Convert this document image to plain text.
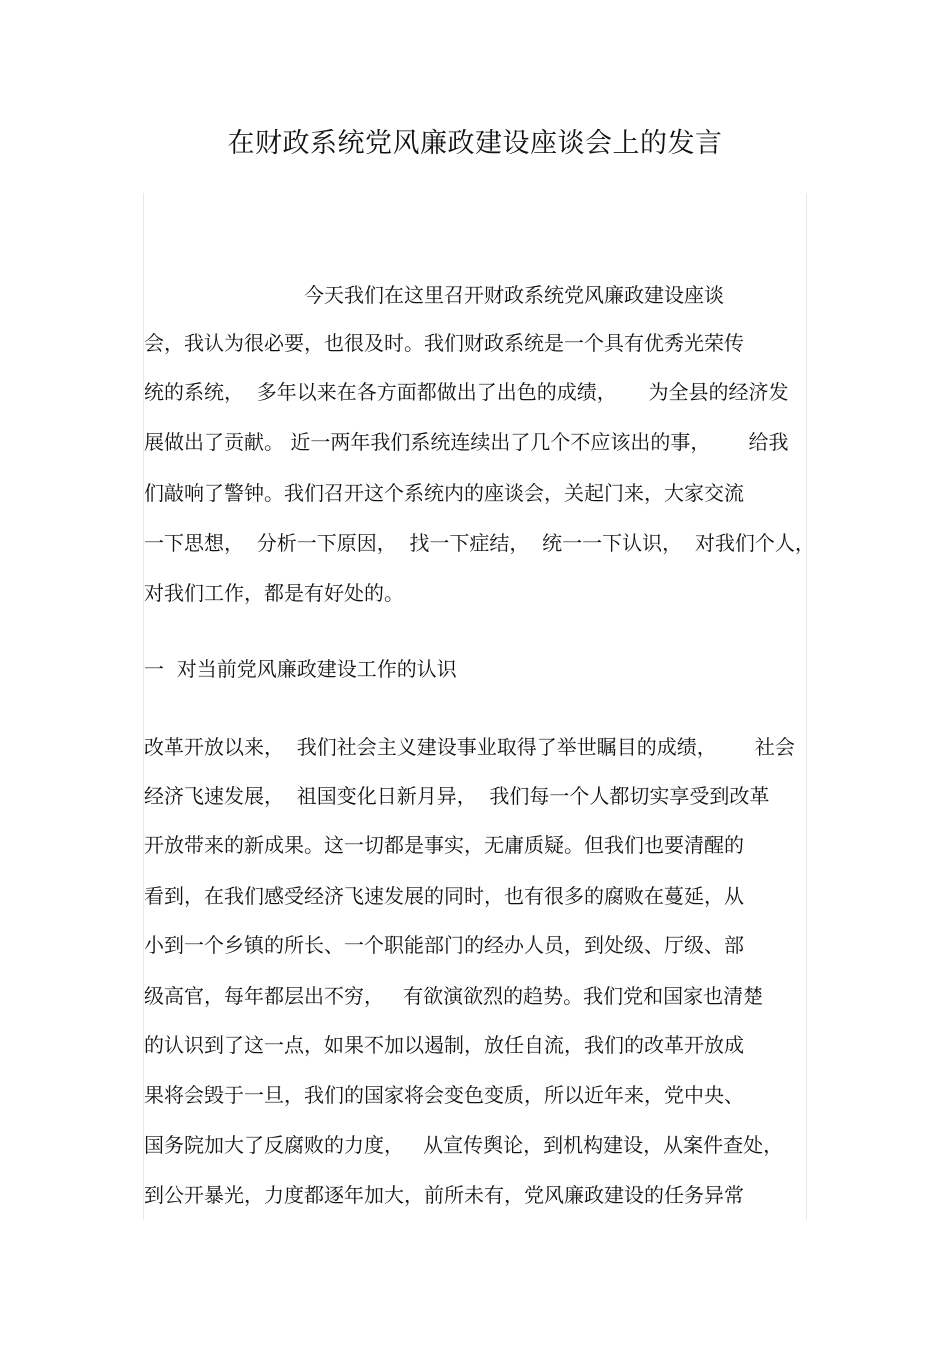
在财政系统党风廉政建设座谈会上的发言

　　　　　　　　今天我们在这里召开财政系统党风廉政建设座谈

会，我认为很必要，也很及时。我们财政系统是一个具有优秀光荣传

统的系统，  多年以来在各方面都做出了出色的成绩，     为全县的经济发

展做出了贡献。 近一两年我们系统连续出了几个不应该出的事，      给我

们敲响了警钟。我们召开这个系统内的座谈会，关起门来，大家交流

一下思想，  分析一下原因，  找一下症结，  统一一下认识，  对我们个人，

对我们工作，都是有好处的。

一  对当前党风廉政建设工作的认识

改革开放以来，  我们社会主义建设事业取得了举世瞩目的成绩，      社会

经济飞速发展，  祖国变化日新月异，  我们每一个人都切实享受到改革

开放带来的新成果。这一切都是事实，无庸质疑。但我们也要清醒的

看到，在我们感受经济飞速发展的同时，也有很多的腐败在蔓延，从

小到一个乡镇的所长、一个职能部门的经办人员，到处级、厅级、部

级高官，每年都层出不穷，   有欲演欲烈的趋势。我们党和国家也清楚

的认识到了这一点，如果不加以遏制，放任自流，我们的改革开放成

果将会毁于一旦，我们的国家将会变色变质，所以近年来，党中央、

国务院加大了反腐败的力度，   从宣传舆论，到机构建设，从案件查处，

到公开暴光，力度都逐年加大，前所未有，党风廉政建设的任务异常
